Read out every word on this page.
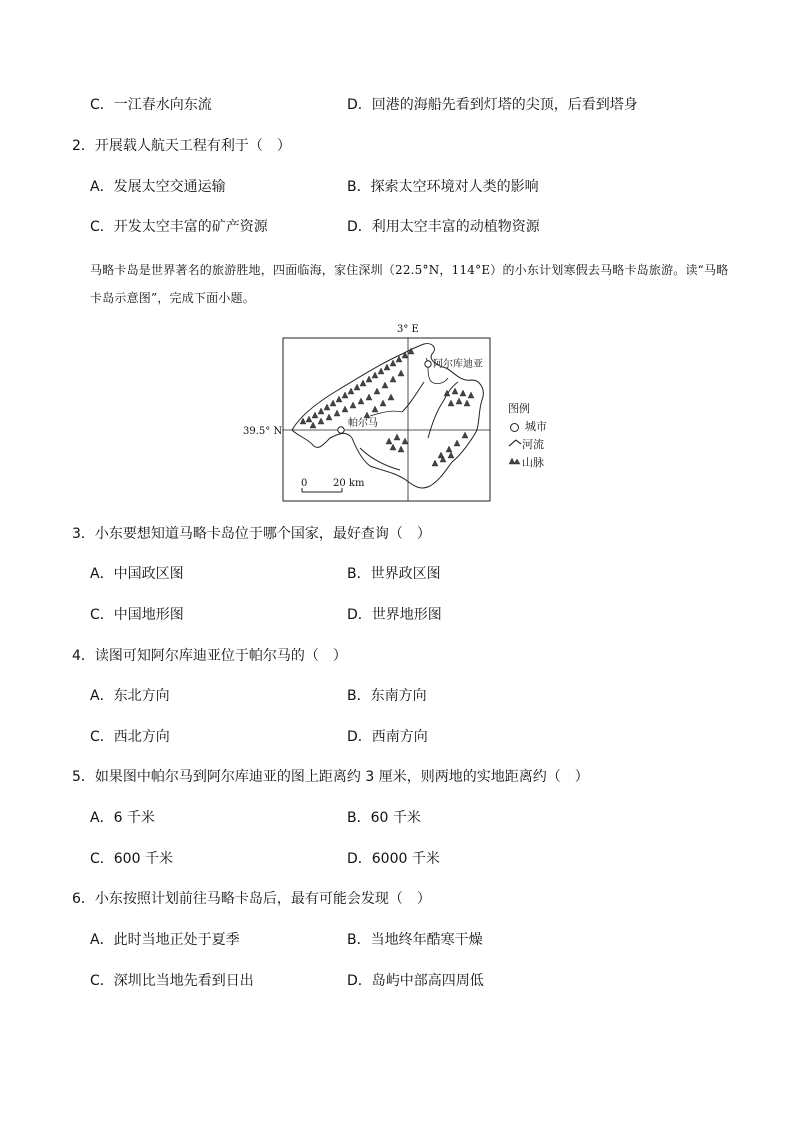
C．一江春水向东流	D．回港的海船先看到灯塔的尖顶，后看到塔身
2．开展载人航天工程有利于（　）
A．发展太空交通运输	B．探索太空环境对人类的影响
C．开发太空丰富的矿产资源	D．利用太空丰富的动植物资源
马略卡岛是世界著名的旅游胜地，四面临海，家住深圳（22.5°N，114°E）的小东计划寒假去马略卡岛旅游。读“马略卡岛示意图”，完成下面小题。
3° E
39.5° N
阿尔库迪亚
帕尔马
0	20 km
图例
城市
河流
山脉
3．小东要想知道马略卡岛位于哪个国家，最好查询（　）
A．中国政区图	B．世界政区图
C．中国地形图	D．世界地形图
4．读图可知阿尔库迪亚位于帕尔马的（　）
A．东北方向	B．东南方向
C．西北方向	D．西南方向
5．如果图中帕尔马到阿尔库迪亚的图上距离约 3 厘米，则两地的实地距离约（　）
A．6 千米	B．60 千米
C．600 千米	D．6000 千米
6．小东按照计划前往马略卡岛后，最有可能会发现（　）
A．此时当地正处于夏季	B．当地终年酷寒干燥
C．深圳比当地先看到日出	D．岛屿中部高四周低
